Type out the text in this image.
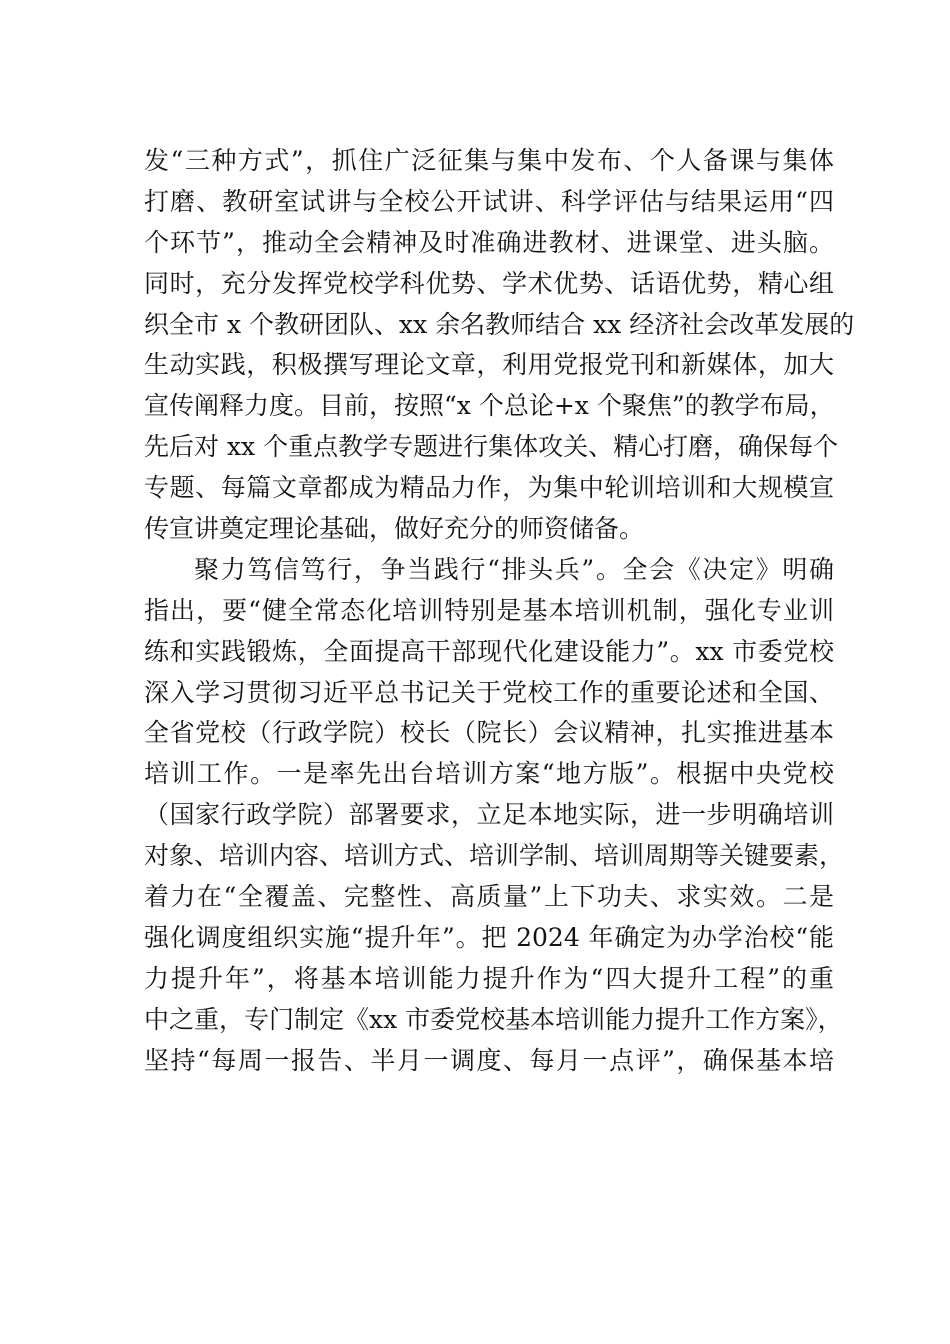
发“三种方式”，抓住广泛征集与集中发布、个人备课与集体
打磨、教研室试讲与全校公开试讲、科学评估与结果运用“四
个环节”，推动全会精神及时准确进教材、进课堂、进头脑。
同时，充分发挥党校学科优势、学术优势、话语优势，精心组
织全市 x 个教研团队、xx 余名教师结合 xx 经济社会改革发展的
生动实践，积极撰写理论文章，利用党报党刊和新媒体，加大
宣传阐释力度。目前，按照“x 个总论+x 个聚焦”的教学布局，
先后对 xx 个重点教学专题进行集体攻关、精心打磨，确保每个
专题、每篇文章都成为精品力作，为集中轮训培训和大规模宣
传宣讲奠定理论基础，做好充分的师资储备。
聚力笃信笃行，争当践行“排头兵”。全会《决定》明确
指出，要“健全常态化培训特别是基本培训机制，强化专业训
练和实践锻炼，全面提高干部现代化建设能力”。xx 市委党校
深入学习贯彻习近平总书记关于党校工作的重要论述和全国、
全省党校（行政学院）校长（院长）会议精神，扎实推进基本
培训工作。一是率先出台培训方案“地方版”。根据中央党校
（国家行政学院）部署要求，立足本地实际，进一步明确培训
对象、培训内容、培训方式、培训学制、培训周期等关键要素，
着力在“全覆盖、完整性、高质量”上下功夫、求实效。二是
强化调度组织实施“提升年”。把 2024 年确定为办学治校“能
力提升年”，将基本培训能力提升作为“四大提升工程”的重
中之重，专门制定《xx 市委党校基本培训能力提升工作方案》，
坚持“每周一报告、半月一调度、每月一点评”，确保基本培
